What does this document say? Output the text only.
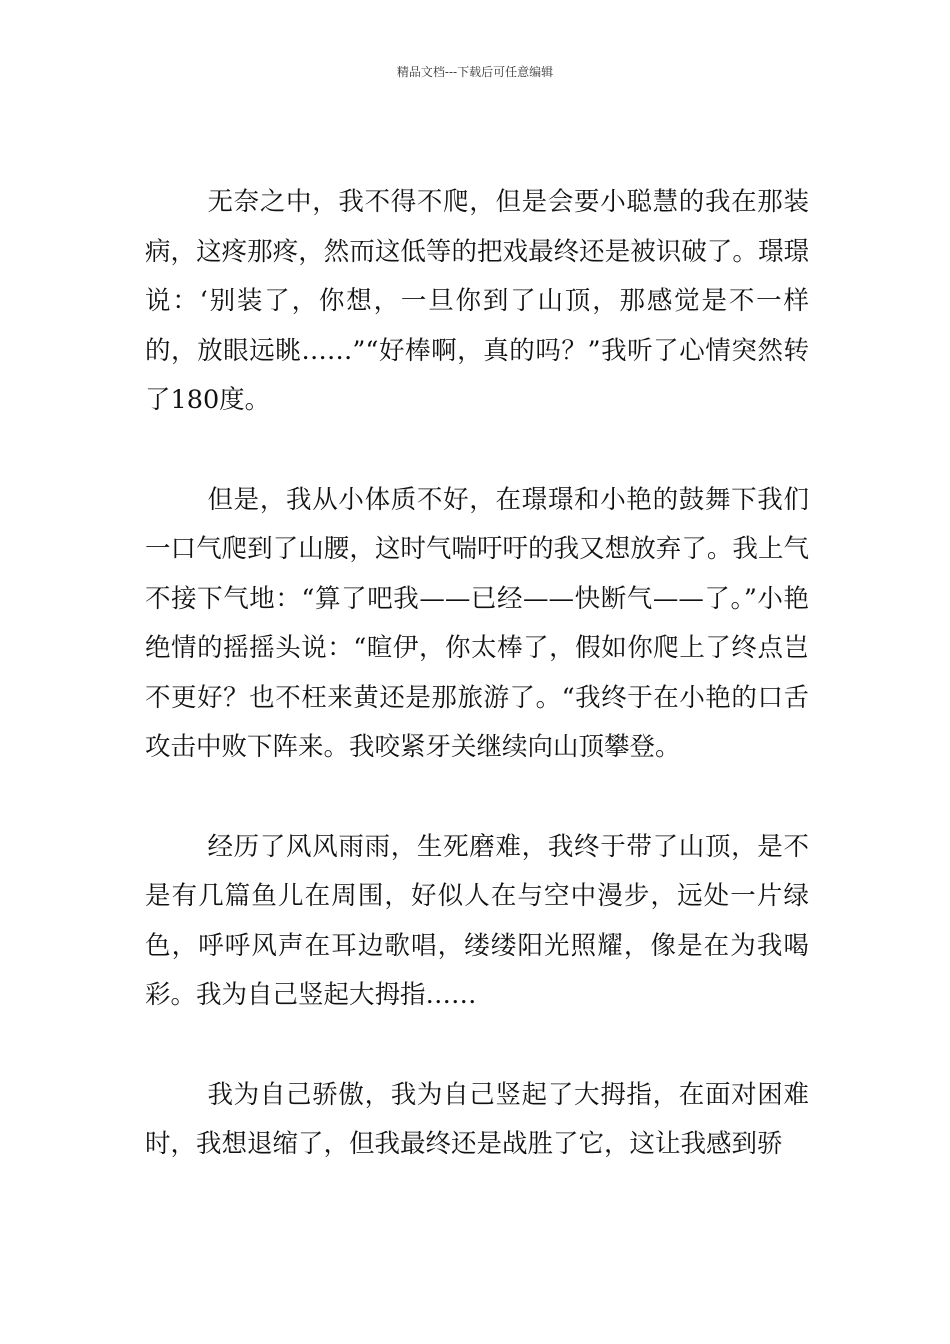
精品文档---下载后可任意编辑

无奈之中，我不得不爬，但是会要小聪慧的我在那装病，这疼那疼，然而这低等的把戏最终还是被识破了。璟璟说：‘别装了，你想，一旦你到了山顶，那感觉是不一样的，放眼远眺……”“好棒啊，真的吗？”我听了心情突然转了180度。

但是，我从小体质不好，在璟璟和小艳的鼓舞下我们一口气爬到了山腰，这时气喘吁吁的我又想放弃了。我上气不接下气地：“算了吧我——已经——快断气——了。”小艳绝情的摇摇头说：“暄伊，你太棒了，假如你爬上了终点岂不更好？也不枉来黄还是那旅游了。“我终于在小艳的口舌攻击中败下阵来。我咬紧牙关继续向山顶攀登。

经历了风风雨雨，生死磨难，我终于带了山顶，是不是有几篇鱼儿在周围，好似人在与空中漫步，远处一片绿色，呼呼风声在耳边歌唱，缕缕阳光照耀，像是在为我喝彩。我为自己竖起大拇指……

我为自己骄傲，我为自己竖起了大拇指，在面对困难时，我想退缩了，但我最终还是战胜了它，这让我感到骄
